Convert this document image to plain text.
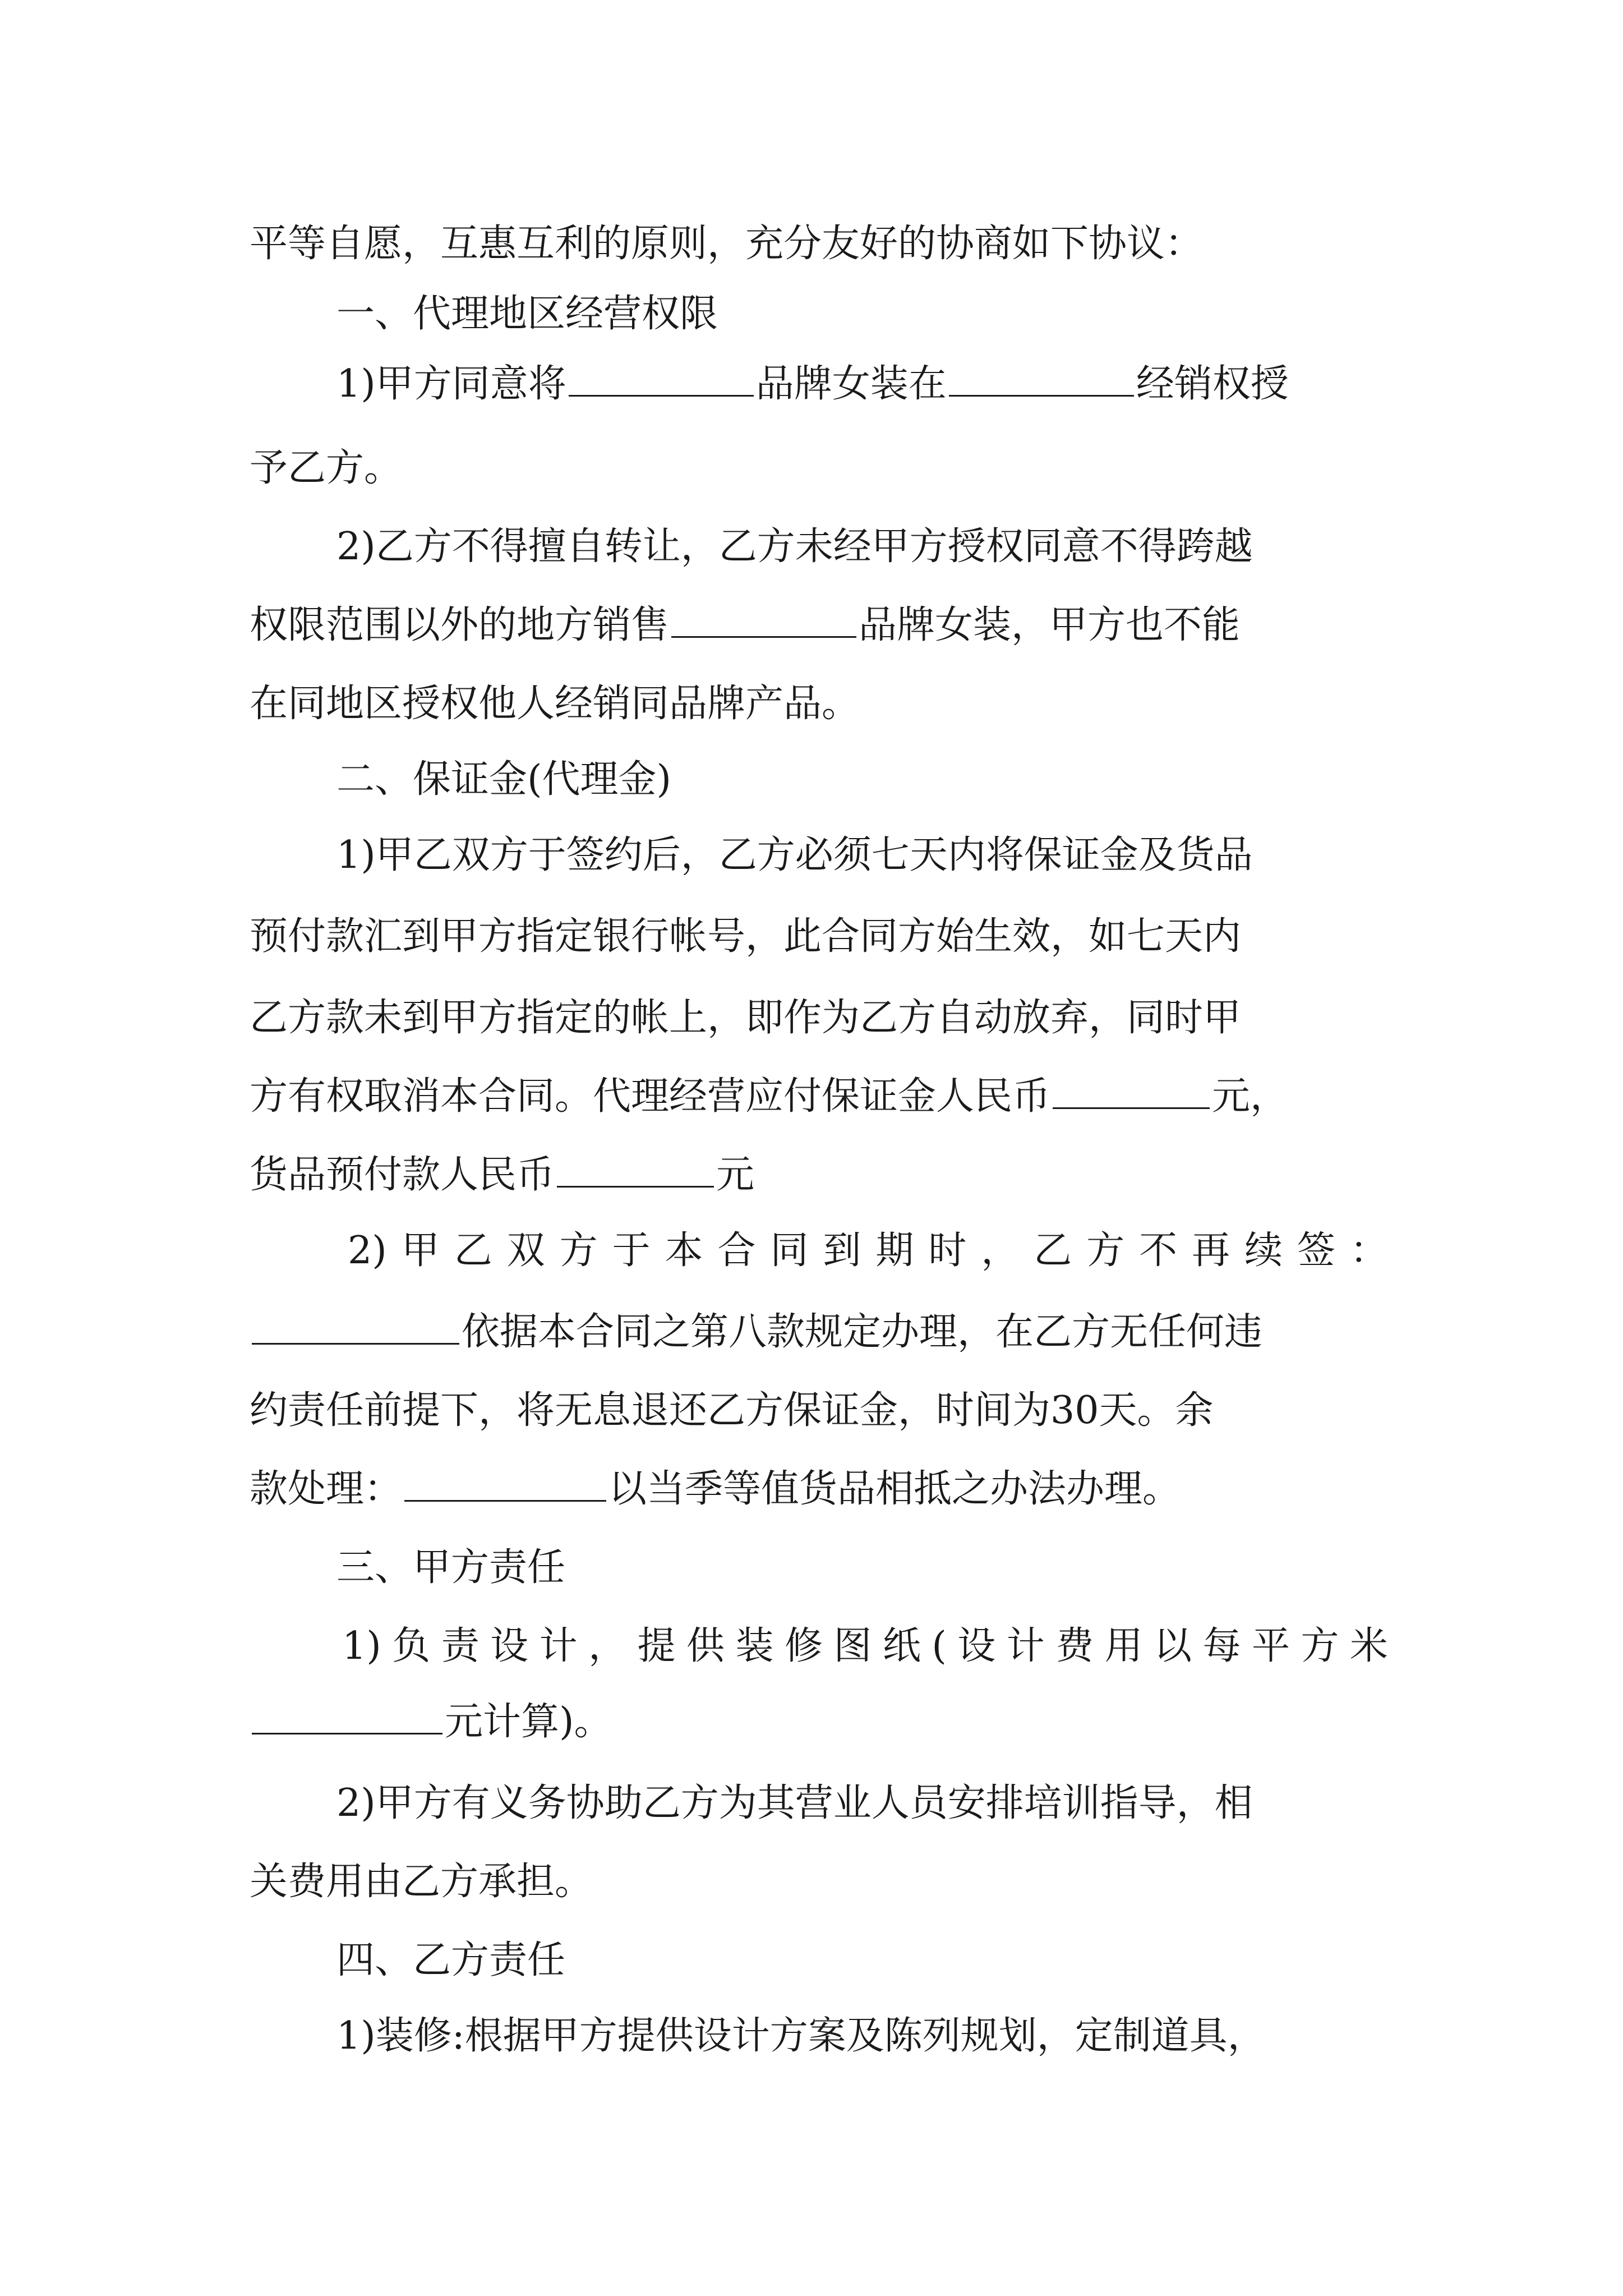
平等自愿，互惠互利的原则，充分友好的协商如下协议：
一、代理地区经营权限
1)甲方同意将	品牌女装在	经销权授
予乙方。
2)乙方不得擅自转让，乙方未经甲方授权同意不得跨越
权限范围以外的地方销售	品牌女装，甲方也不能
在同地区授权他人经销同品牌产品。
二、保证金(代理金)
1)甲乙双方于签约后，乙方必须七天内将保证金及货品
预付款汇到甲方指定银行帐号，此合同方始生效，如七天内
乙方款未到甲方指定的帐上，即作为乙方自动放弃，同时甲
方有权取消本合同。代理经营应付保证金人民币	元，
货品预付款人民币	元
2)甲乙双方于本合同到期时，乙方不再续签：
依据本合同之第八款规定办理，在乙方无任何违
约责任前提下，将无息退还乙方保证金，时间为30天。余
款处理：	以当季等值货品相抵之办法办理。
三、甲方责任
1)负责设计，提供装修图纸(设计费用以每平方米
元计算)。
2)甲方有义务协助乙方为其营业人员安排培训指导，相
关费用由乙方承担。
四、乙方责任
1)装修:根据甲方提供设计方案及陈列规划，定制道具，
